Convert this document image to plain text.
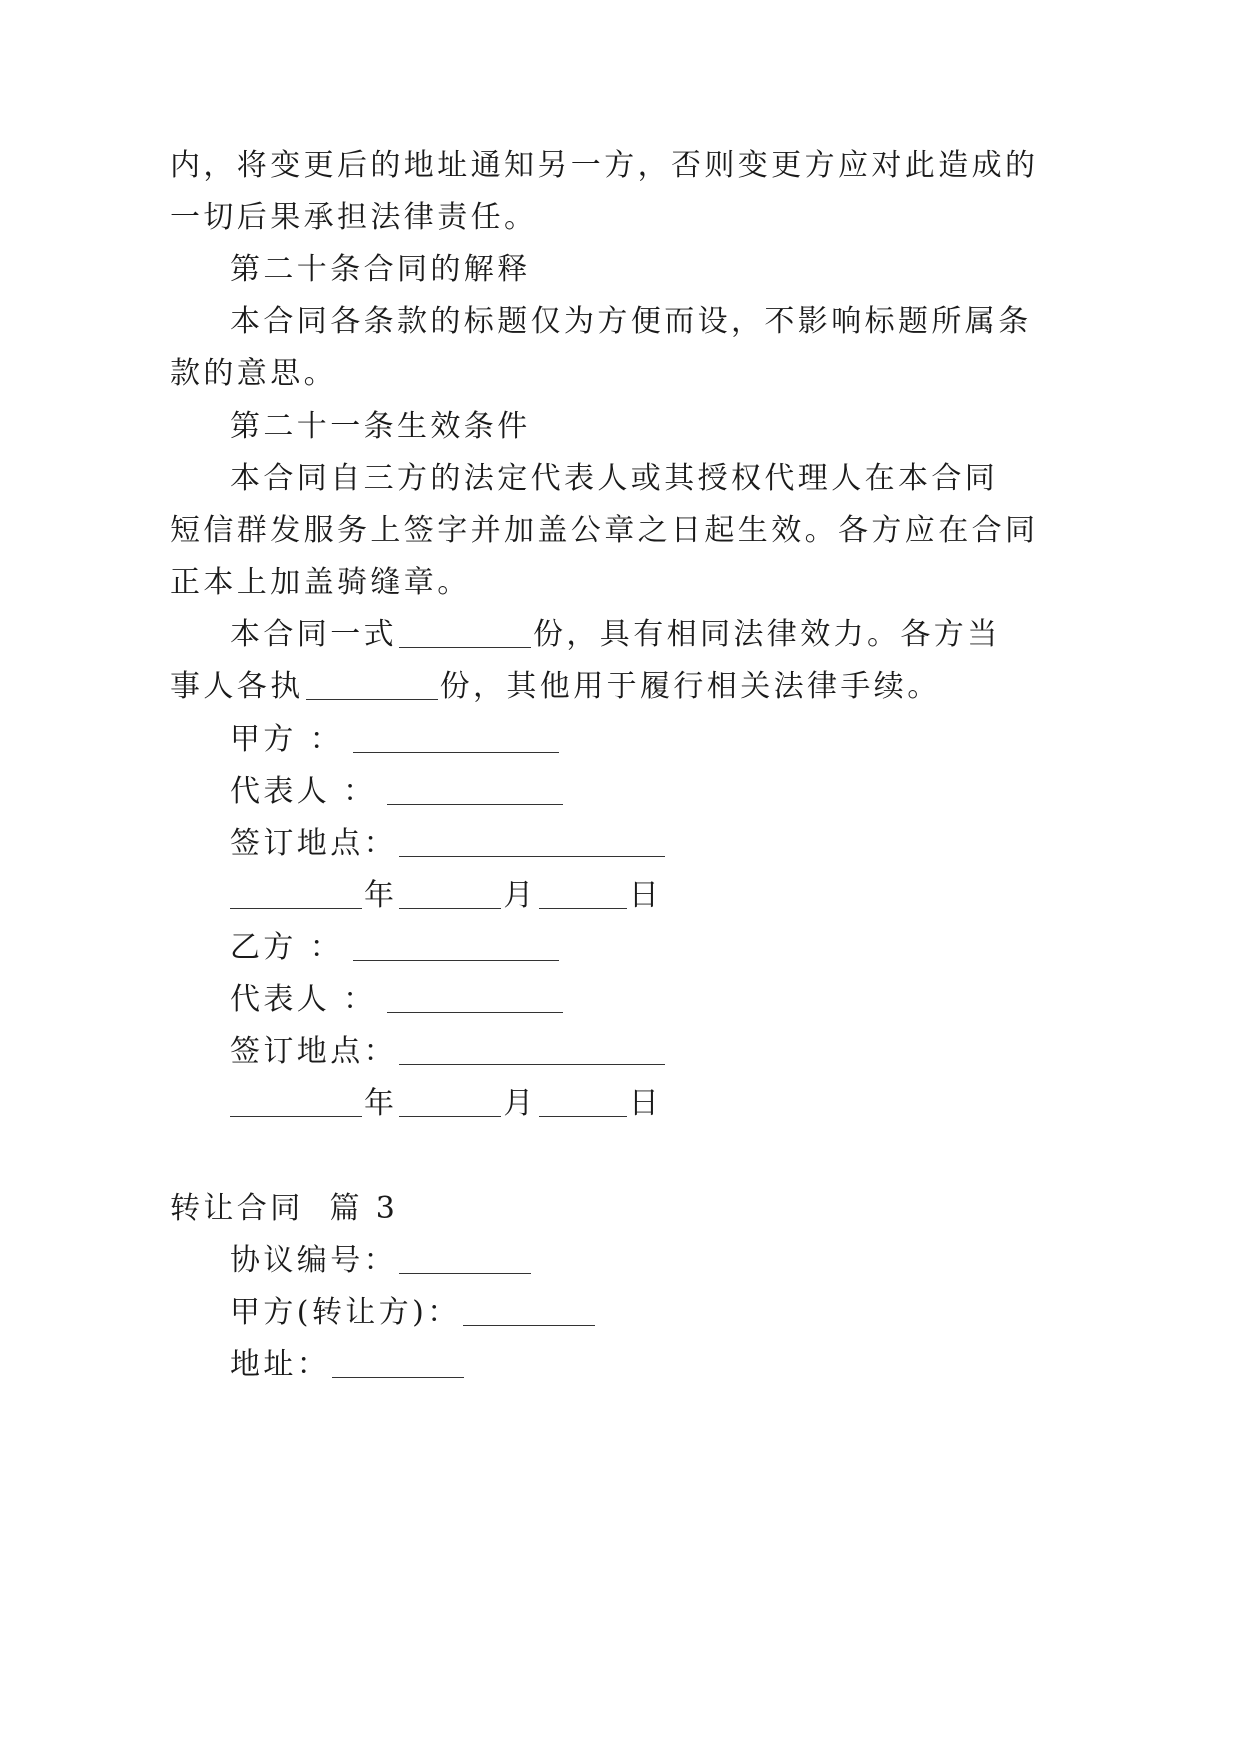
内，将变更后的地址通知另一方，否则变更方应对此造成的
一切后果承担法律责任。
第二十条合同的解释
本合同各条款的标题仅为方便而设，不影响标题所属条
款的意思。
第二十一条生效条件
本合同自三方的法定代表人或其授权代理人在本合同
短信群发服务上签字并加盖公章之日起生效。各方应在合同
正本上加盖骑缝章。
本合同一式	份，具有相同法律效力。各方当
事人各执	份，其他用于履行相关法律手续。
甲方 ：
代表人 ：
签订地点：
年	月	日
乙方 ：
代表人 ：
签订地点：
年	月	日
转让合同  篇 3
协议编号：
甲方(转让方)：
地址：
